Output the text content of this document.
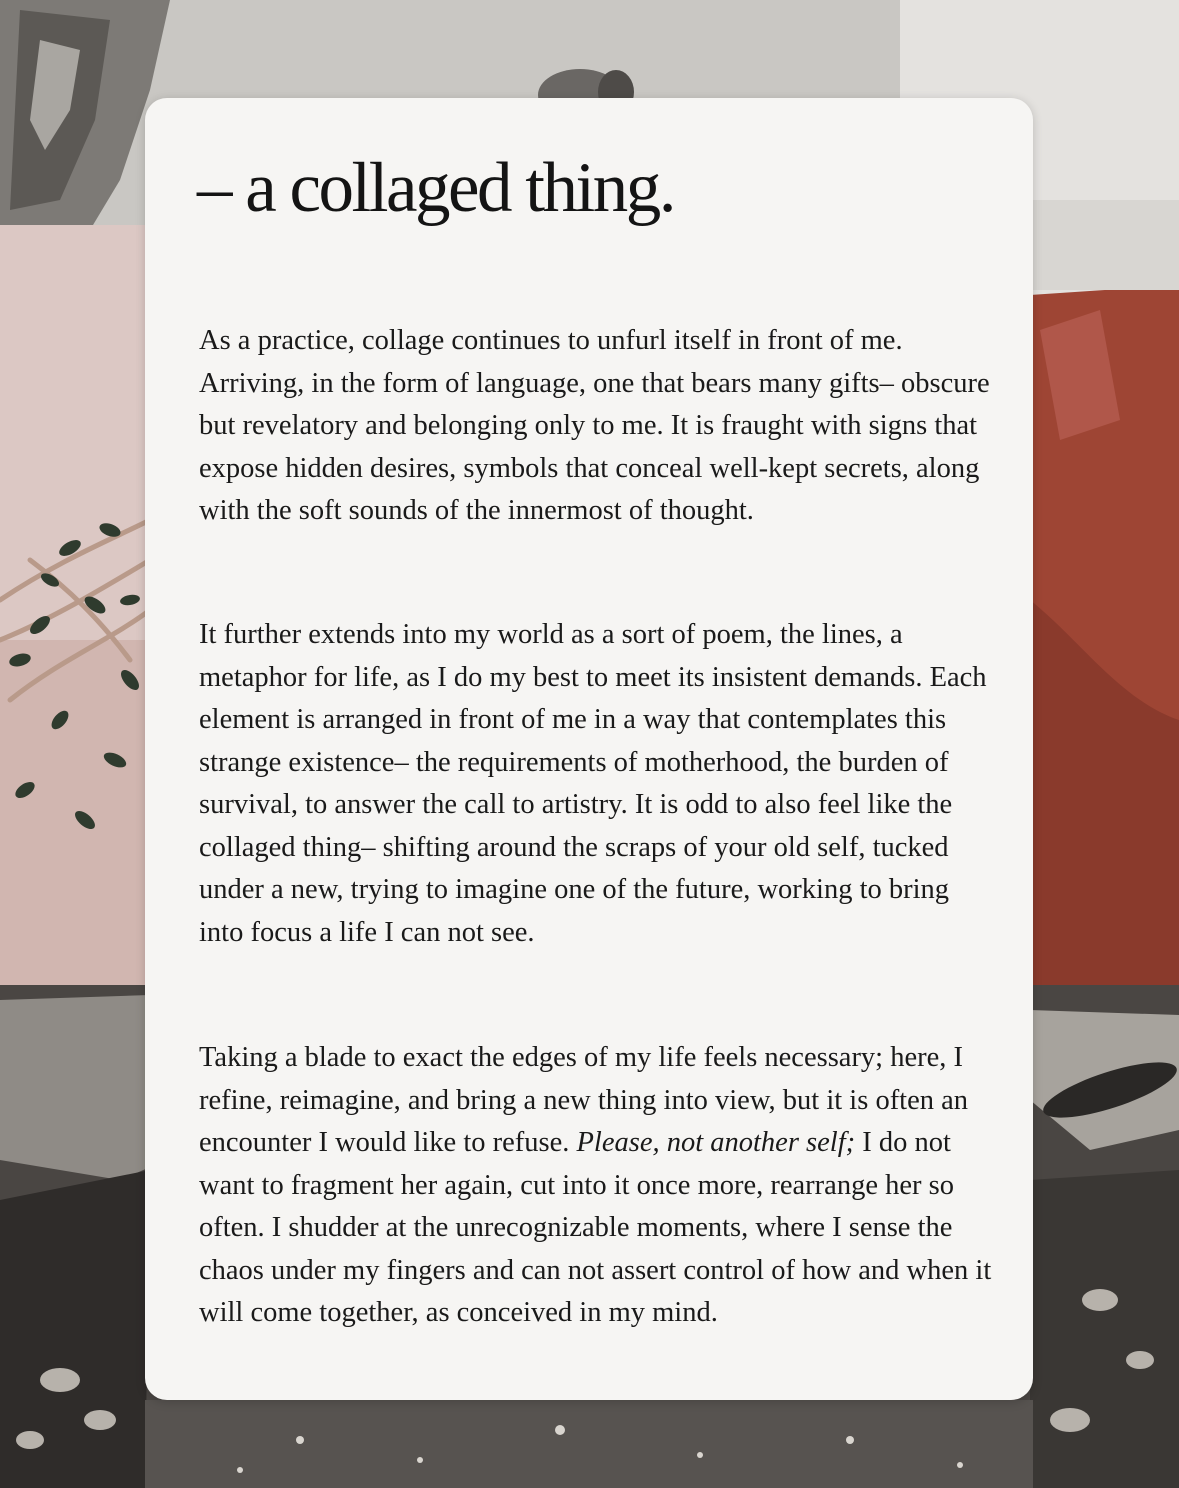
– a collaged thing.

As a practice, collage continues to unfurl itself in front of me. Arriving, in the form of language, one that bears many gifts– obscure but revelatory and belonging only to me. It is fraught with signs that expose hidden desires, symbols that conceal well-kept secrets, along with the soft sounds of the innermost of thought.

It further extends into my world as a sort of poem, the lines, a metaphor for life, as I do my best to meet its insistent demands. Each element is arranged in front of me in a way that contemplates this strange existence– the requirements of motherhood, the burden of survival, to answer the call to artistry. It is odd to also feel like the collaged thing– shifting around the scraps of your old self, tucked under a new, trying to imagine one of the future, working to bring into focus a life I can not see.

Taking a blade to exact the edges of my life feels necessary; here, I refine, reimagine, and bring a new thing into view, but it is often an encounter I would like to refuse. Please, not another self; I do not want to fragment her again, cut into it once more, rearrange her so often. I shudder at the unrecognizable moments, where I sense the chaos under my fingers and can not assert control of how and when it will come together, as conceived in my mind.
